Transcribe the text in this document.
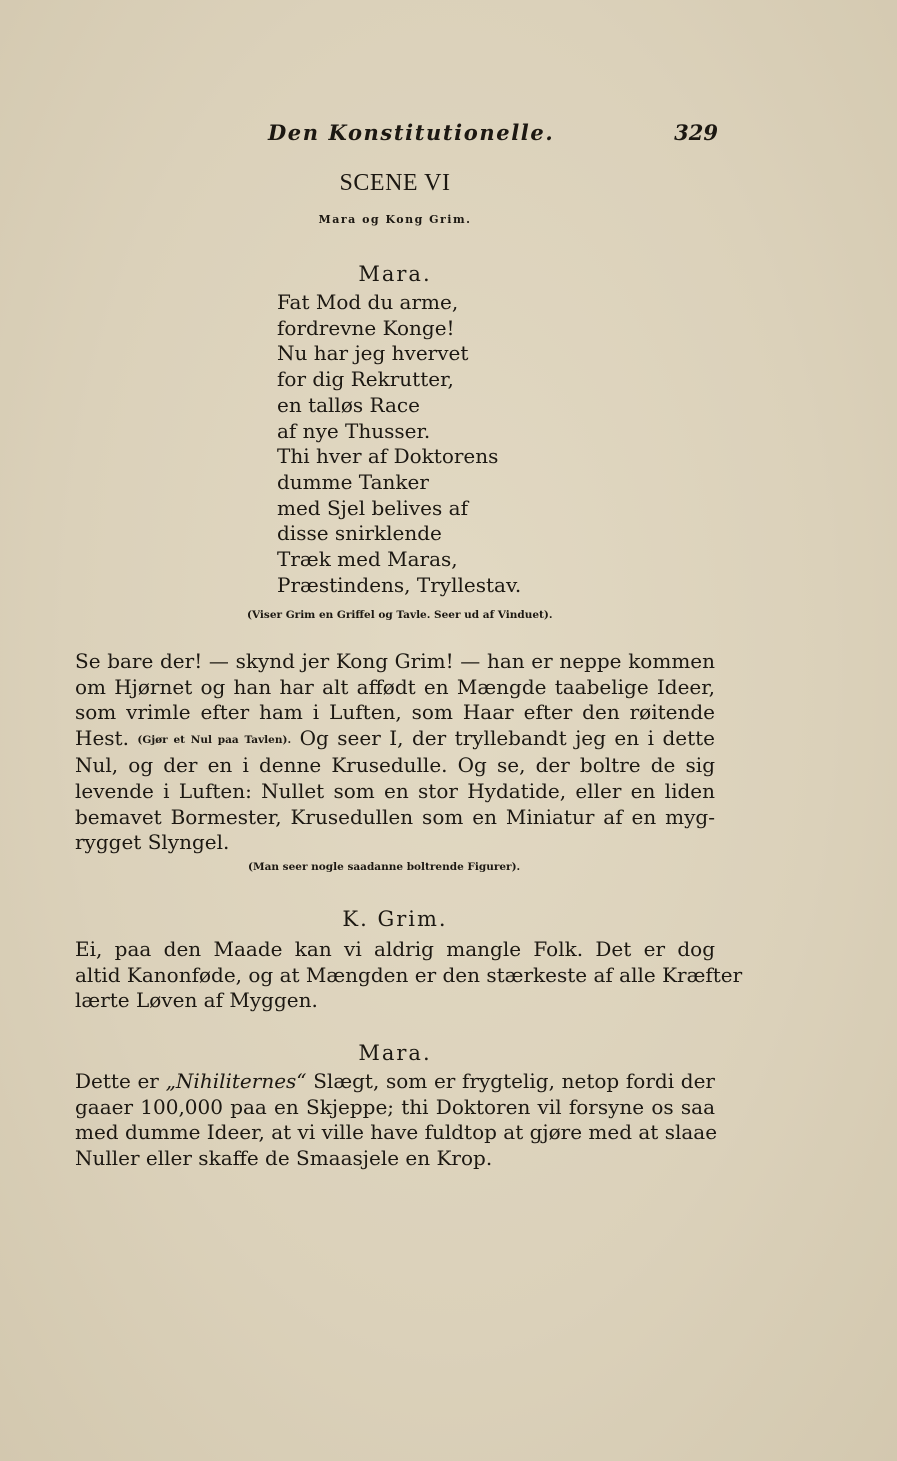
Den Konstitutionelle.	329
SCENE VI
Mara og Kong Grim.
Mara.
Fat Mod du arme,
fordrevne Konge!
Nu har jeg hvervet
for dig Rekrutter,
en talløs Race
af nye Thusser.
Thi hver af Doktorens
dumme Tanker
med Sjel belives af
disse snirklende
Træk med Maras,
Præstindens, Tryllestav.
(Viser Grim en Griffel og Tavle. Seer ud af Vinduet).
Se bare der! — skynd jer Kong Grim! — han er neppe kommen
om Hjørnet og han har alt affødt en Mængde taabelige Ideer,
som vrimle efter ham i Luften, som Haar efter den røitende
Hest. (Gjør et Nul paa Tavlen). Og seer I, der tryllebandt jeg en i dette
Nul, og der en i denne Krusedulle. Og se, der boltre de sig
levende i Luften: Nullet som en stor Hydatide, eller en liden
bemavet Bormester, Krusedullen som en Miniatur af en myg-
rygget Slyngel.
(Man seer nogle saadanne boltrende Figurer).
K. Grim.
Ei, paa den Maade kan vi aldrig mangle Folk. Det er dog
altid Kanonføde, og at Mængden er den stærkeste af alle Kræfter
lærte Løven af Myggen.
Mara.
Dette er „Nihiliternes“ Slægt, som er frygtelig, netop fordi der
gaaer 100,000 paa en Skjeppe; thi Doktoren vil forsyne os saa
med dumme Ideer, at vi ville have fuldtop at gjøre med at slaae
Nuller eller skaffe de Smaasjele en Krop.
